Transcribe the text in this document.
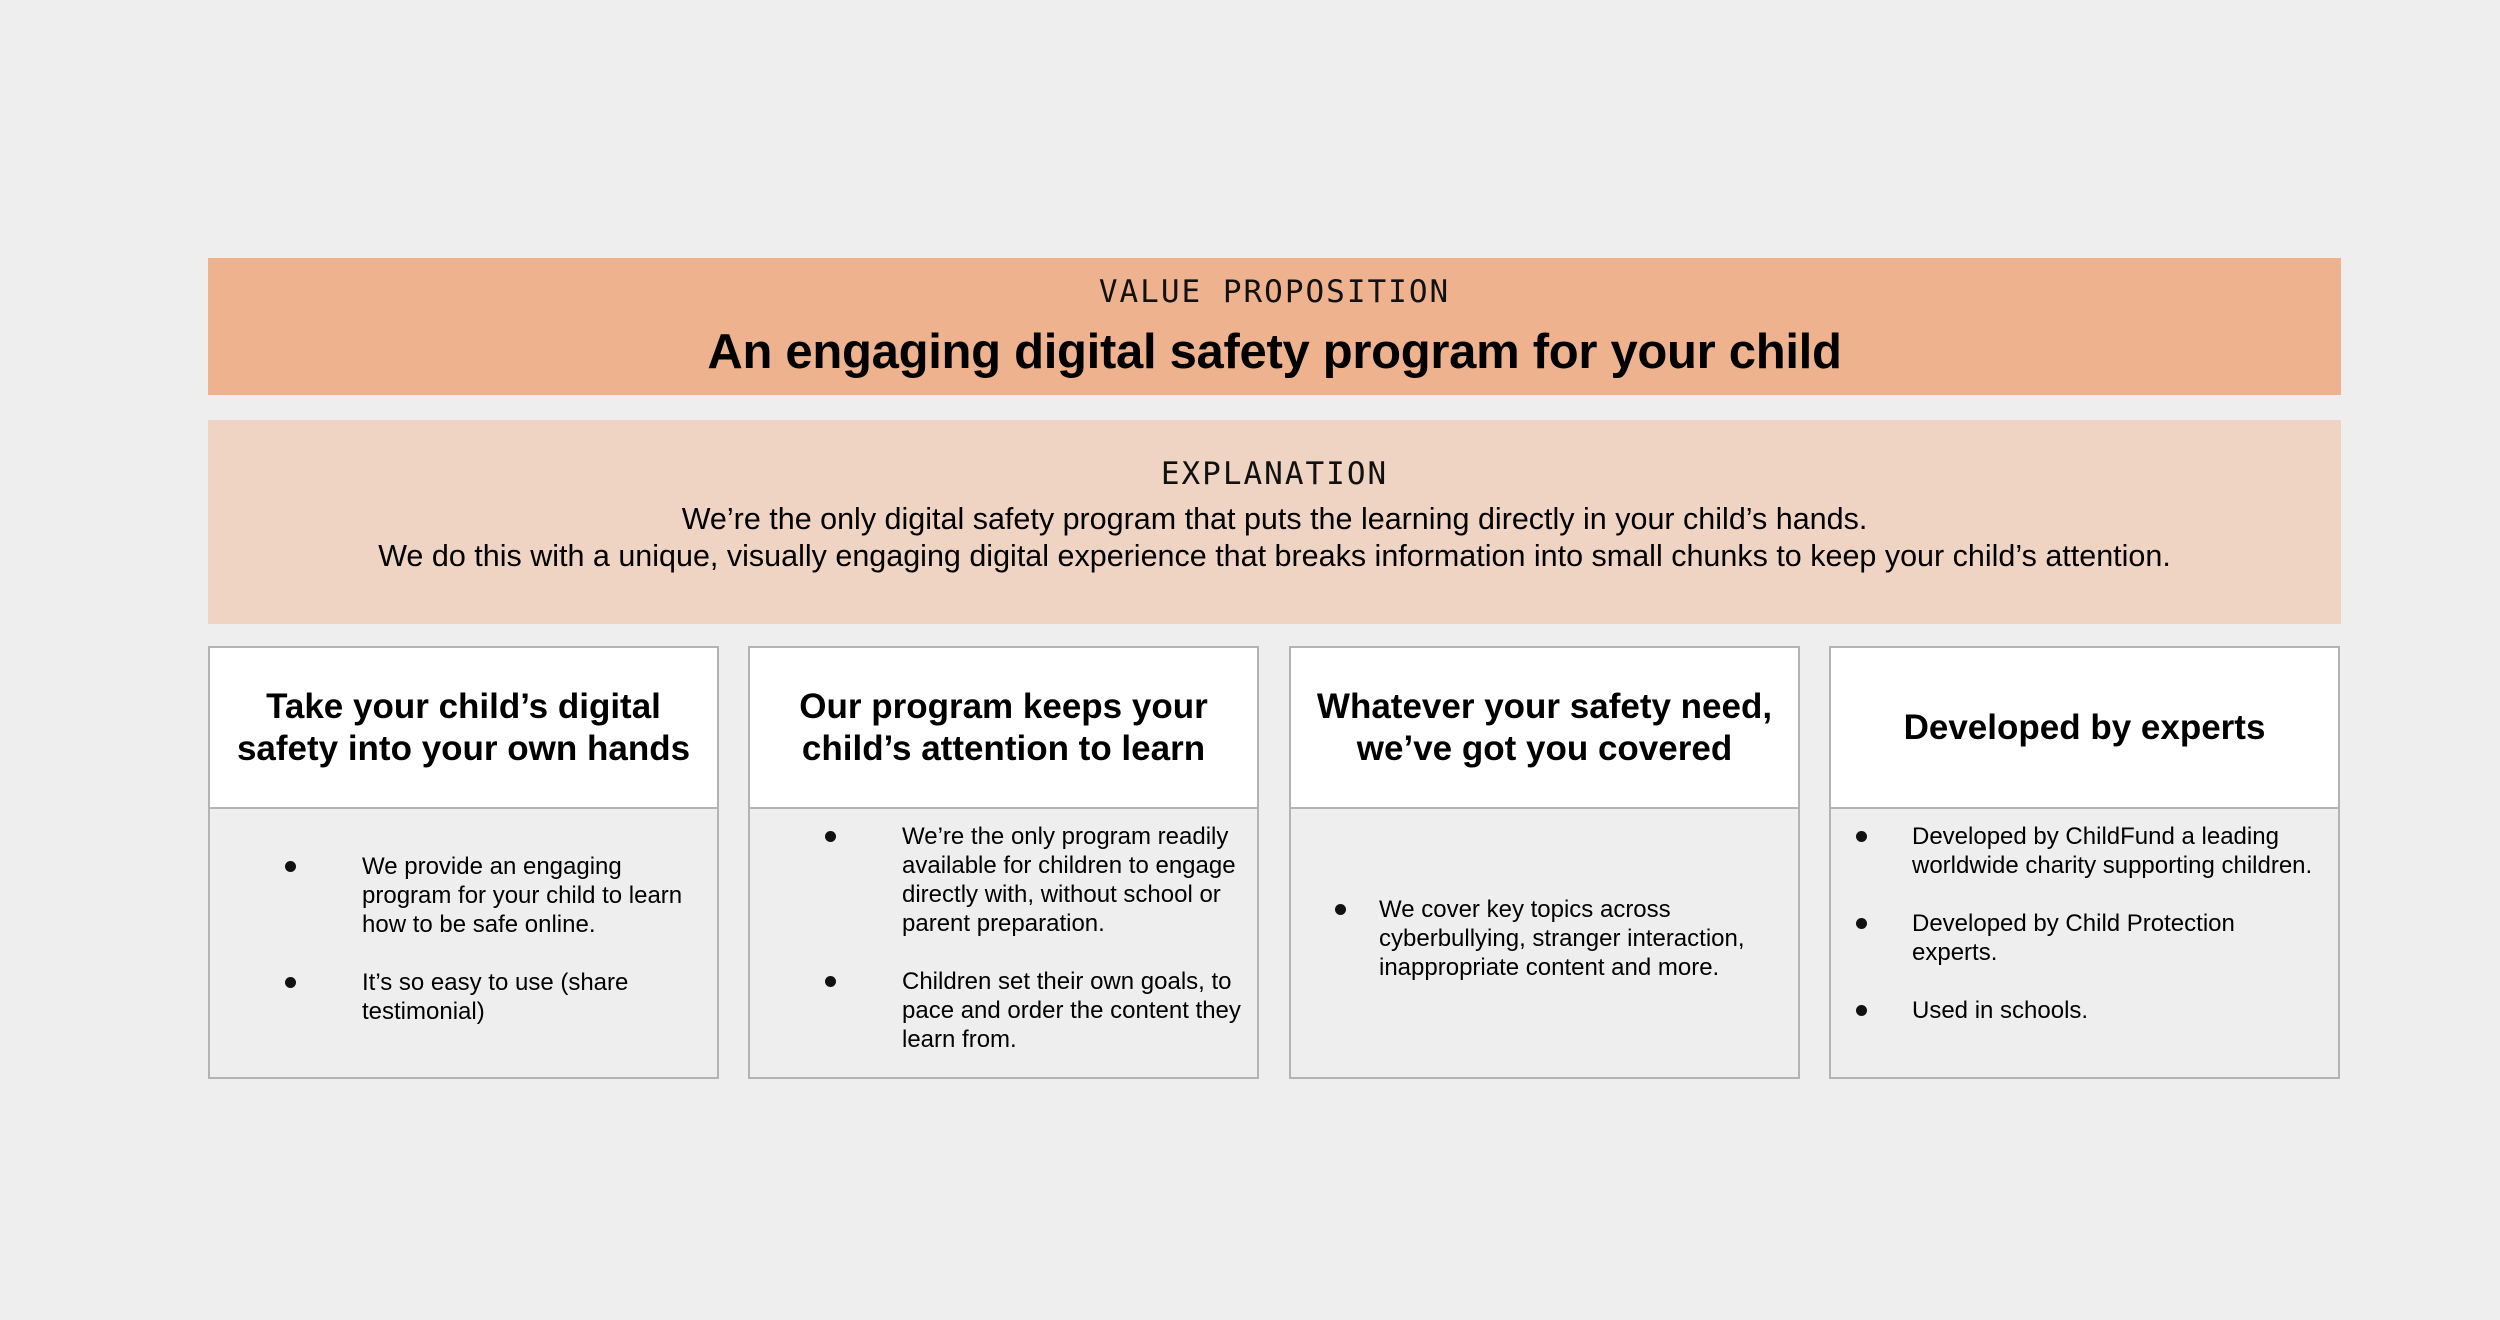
VALUE PROPOSITION
An engaging digital safety program for your child
EXPLANATION
We’re the only digital safety program that puts the learning directly in your child’s hands.
We do this with a unique, visually engaging digital experience that breaks information into small chunks to keep your child’s attention.
Take your child’s digital safety into your own hands
We provide an engaging program for your child to learn how to be safe online.
It’s so easy to use (share testimonial)
Our program keeps your child’s attention to learn
We’re the only program readily available for children to engage directly with, without school or parent preparation.
Children set their own goals, to pace and order the content they learn from.
Whatever your safety need, we’ve got you covered
We cover key topics across cyberbullying, stranger interaction, inappropriate content and more.
Developed by experts
Developed by ChildFund a leading worldwide charity supporting children.
Developed by Child Protection experts.
Used in schools.
